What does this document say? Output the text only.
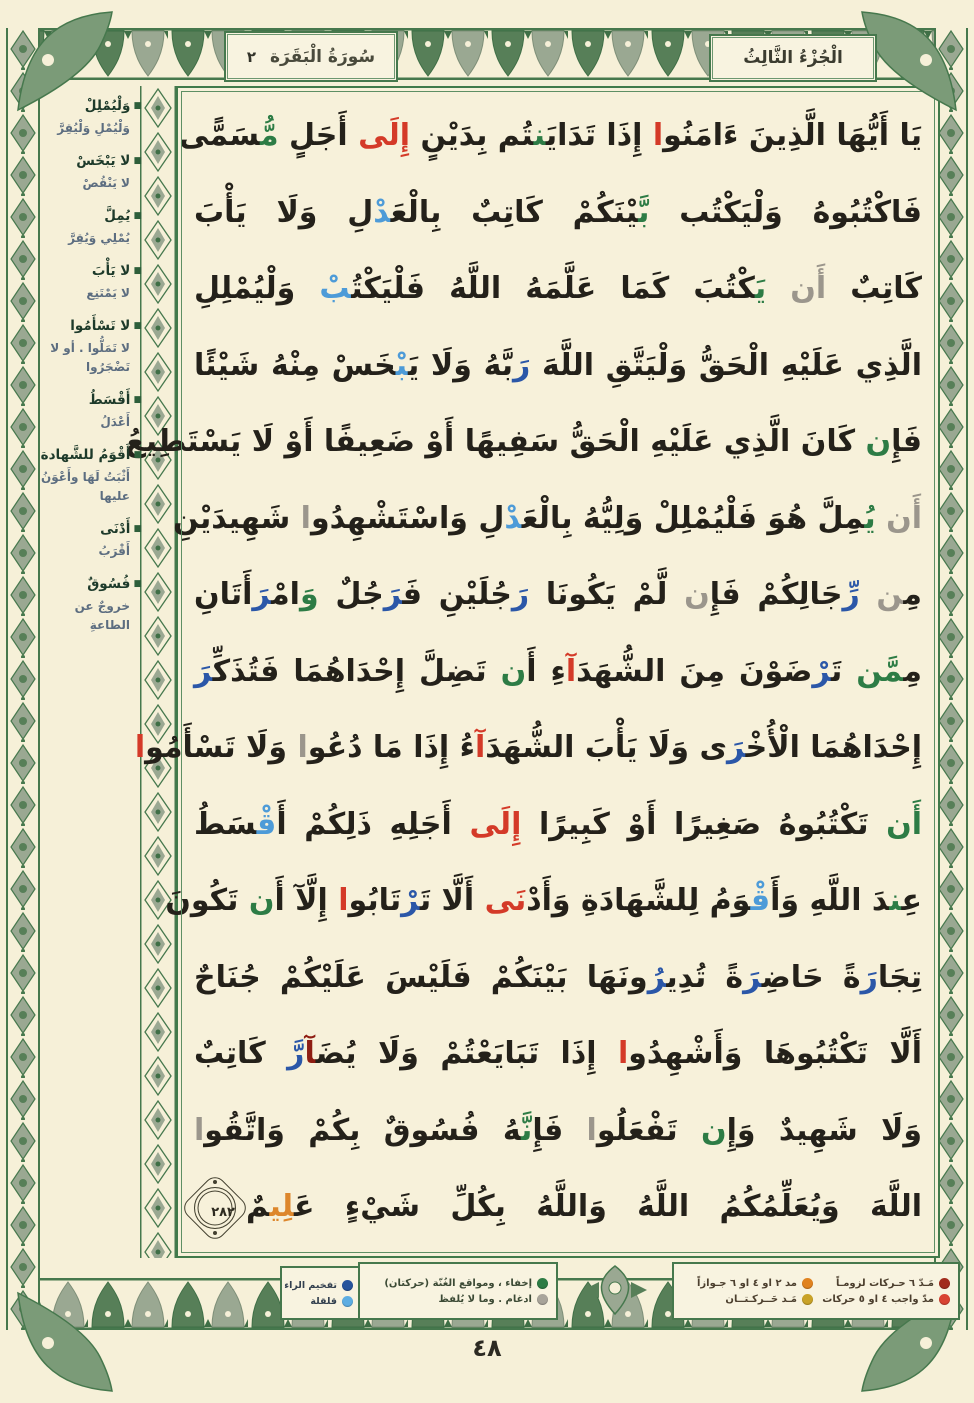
٢ سُورَةُ الْبَقَرَة	الْجُزْءُ الثَّالِثُ
■ وَلْيُمْلِلْ
وَلْيُمْلِ وَلْيُقِرَّ
■ لا يَبْخَسْ
لا يَنْقُصْ
■ يُمِلَّ
يُمْلِي وَيُقِرَّ
■ لا يَأْبَ
لا يَمْتَنِع
■ لا تَسْأَمُوا
لا تَمَلُّوا . أو لا تَضْجَرُوا
■ أَقْسَطُ
أَعْدَلُ
■ أَقْوَمُ للشَّهادة
أَثْبَتُ لَهَا وأَعْوَنُ عليها
■ أَدْنَى
أَقْرَبُ
■ فُسُوقٌ
خروجٌ عن الطاعةِ
يَا أَيُّهَا الَّذِينَ ءَامَنُوا إِذَا تَدَايَنتُم بِدَيْنٍ إِلَى أَجَلٍ مُّسَمًّى
فَاكْتُبُوهُ وَلْيَكْتُب بَّيْنَكُمْ كَاتِبٌ بِالْعَدْلِ وَلَا يَأْبَ
كَاتِبٌ أَن يَكْتُبَ كَمَا عَلَّمَهُ اللَّهُ فَلْيَكْتُبْ وَلْيُمْلِلِ
الَّذِي عَلَيْهِ الْحَقُّ وَلْيَتَّقِ اللَّهَ رَبَّهُ وَلَا يَبْخَسْ مِنْهُ شَيْئًا
فَإِن كَانَ الَّذِي عَلَيْهِ الْحَقُّ سَفِيهًا أَوْ ضَعِيفًا أَوْ لَا يَسْتَطِيعُ
أَن يُمِلَّ هُوَ فَلْيُمْلِلْ وَلِيُّهُ بِالْعَدْلِ وَاسْتَشْهِدُوا شَهِيدَيْنِ
مِن رِّجَالِكُمْ فَإِن لَّمْ يَكُونَا رَجُلَيْنِ فَرَجُلٌ وَامْرَأَتَانِ
مِمَّن تَرْضَوْنَ مِنَ الشُّهَدَآءِ أَن تَضِلَّ إِحْدَاهُمَا فَتُذَكِّرَ
إِحْدَاهُمَا الْأُخْرَى وَلَا يَأْبَ الشُّهَدَآءُ إِذَا مَا دُعُوا وَلَا تَسْأَمُوا
أَن تَكْتُبُوهُ صَغِيرًا أَوْ كَبِيرًا إِلَى أَجَلِهِ ذَلِكُمْ أَقْسَطُ
عِندَ اللَّهِ وَأَقْوَمُ لِلشَّهَادَةِ وَأَدْنَى أَلَّا تَرْتَابُوا إِلَّ أَن تَكُونَ
تِجَارَةً حَاضِرَةً تُدِيرُونَهَا بَيْنَكُمْ فَلَيْسَ عَلَيْكُمْ جُنَاحٌ
أَلَّا تَكْتُبُوهَا وَأَشْهِدُوا إِذَا تَبَايَعْتُمْ وَلَا يُضَآرَّ كَاتِبٌ
وَلَا شَهِيدٌ وَإِن تَفْعَلُوا فَإِنَّهُ فُسُوقٌ بِكُمْ وَاتَّقُوا
اللَّهَ وَيُعَلِّمُكُمُ اللَّهُ وَاللَّهُ بِكُلِّ شَيْءٍ عَلِيمٌ٢٨٢
مَـدّ ٦ حـركات لزومـاً
مد ٢ او ٤ او ٦ جـوازاً
مدّ واجب ٤ او ٥ حركات
مَـد حَــركـتــان
إخفاء ، ومواقع الغُنّة (حركتان)
ادغام . وما لا يُلفظ
تفخيم الراء
قلقلة
٤٨
